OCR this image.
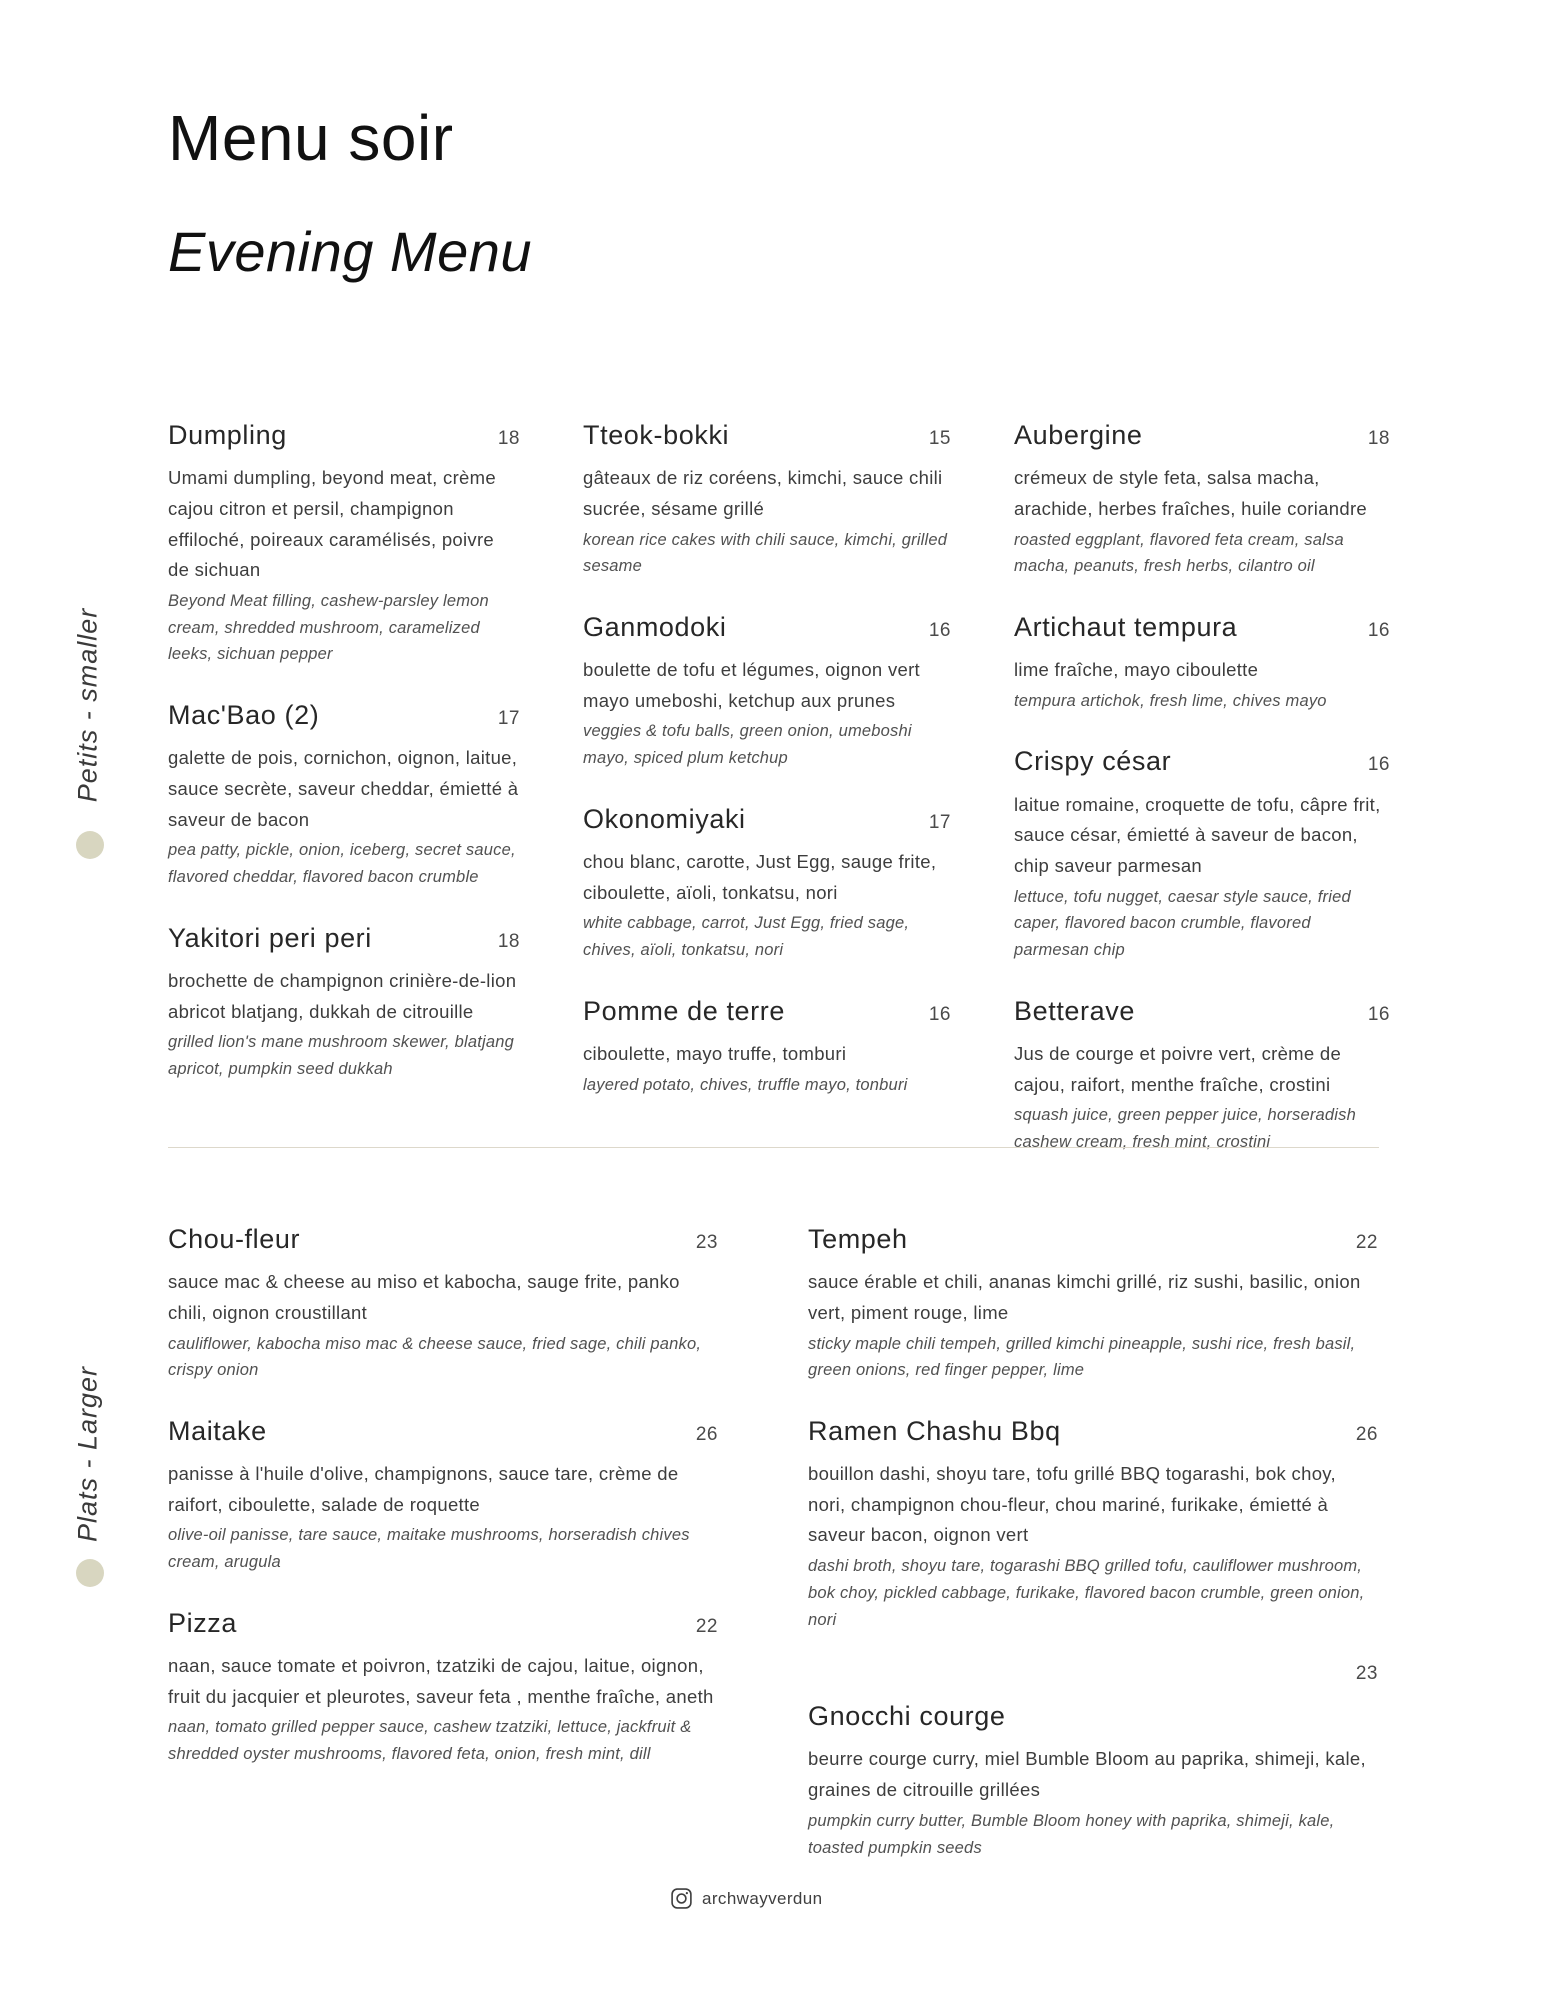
Menu soir
Evening Menu
Petits - smaller
Dumpling	18

Umami dumpling, beyond meat, crème cajou citron et persil, champignon effiloché, poireaux caramélisés, poivre de sichuan

Beyond Meat filling, cashew-parsley lemon cream, shredded mushroom, caramelized leeks, sichuan pepper

Mac'Bao (2)	17

galette de pois, cornichon, oignon, laitue, sauce secrète, saveur cheddar, émietté à saveur de bacon

pea patty, pickle, onion, iceberg, secret sauce, flavored cheddar, flavored bacon crumble

Yakitori peri peri	18

brochette de champignon crinière-de-lion abricot blatjang, dukkah de citrouille

grilled lion's mane mushroom skewer, blatjang apricot, pumpkin seed dukkah

Tteok-bokki	15

gâteaux de riz coréens, kimchi, sauce chili sucrée, sésame grillé

korean rice cakes with chili sauce, kimchi, grilled sesame

Ganmodoki	16

boulette de tofu et légumes, oignon vert mayo umeboshi, ketchup aux prunes

veggies & tofu balls, green onion, umeboshi mayo, spiced plum ketchup

Okonomiyaki	17

chou blanc, carotte, Just Egg, sauge frite, ciboulette, aïoli, tonkatsu, nori

white cabbage, carrot, Just Egg, fried sage, chives, aïoli, tonkatsu, nori

Pomme de terre	16

ciboulette, mayo truffe, tomburi

layered potato, chives, truffle mayo, tonburi

Aubergine	18

crémeux de style feta, salsa macha, arachide, herbes fraîches, huile coriandre

roasted eggplant, flavored feta cream, salsa macha, peanuts, fresh herbs, cilantro oil

Artichaut tempura	16

lime fraîche, mayo ciboulette

tempura artichok, fresh lime, chives mayo

Crispy césar	16

laitue romaine, croquette de tofu, câpre frit, sauce césar, émietté à saveur de bacon, chip saveur parmesan

lettuce, tofu nugget, caesar style sauce, fried caper, flavored bacon crumble, flavored parmesan chip

Betterave	16

Jus de courge et poivre vert, crème de cajou, raifort, menthe fraîche, crostini

squash juice, green pepper juice, horseradish cashew cream, fresh mint, crostini

Plats - Larger
Chou-fleur	23

sauce mac & cheese au miso et kabocha, sauge frite, panko chili, oignon croustillant

cauliflower, kabocha miso mac & cheese sauce, fried sage, chili panko, crispy onion

Maitake	26

panisse à l'huile d'olive, champignons, sauce tare, crème de raifort, ciboulette, salade de roquette

olive-oil panisse, tare sauce, maitake mushrooms, horseradish chives cream, arugula

Pizza	22

naan, sauce tomate et poivron, tzatziki de cajou, laitue, oignon, fruit du jacquier et pleurotes, saveur feta , menthe fraîche, aneth

naan, tomato grilled pepper sauce, cashew tzatziki, lettuce, jackfruit & shredded oyster mushrooms, flavored feta, onion, fresh mint, dill

Tempeh	22

sauce érable et chili, ananas kimchi grillé, riz sushi, basilic, onion vert, piment rouge, lime

sticky maple chili tempeh, grilled kimchi pineapple, sushi rice, fresh basil, green onions, red finger pepper, lime

Ramen Chashu Bbq	26

bouillon dashi, shoyu tare, tofu grillé BBQ togarashi, bok choy, nori, champignon chou-fleur, chou mariné, furikake, émietté à saveur bacon, oignon vert

dashi broth, shoyu tare, togarashi BBQ grilled tofu, cauliflower mushroom, bok choy, pickled cabbage, furikake, flavored bacon crumble, green onion, nori

23
Gnocchi courge

beurre courge curry, miel Bumble Bloom au paprika, shimeji, kale, graines de citrouille grillées

pumpkin curry butter, Bumble Bloom honey with paprika, shimeji, kale, toasted pumpkin seeds

archwayverdun
